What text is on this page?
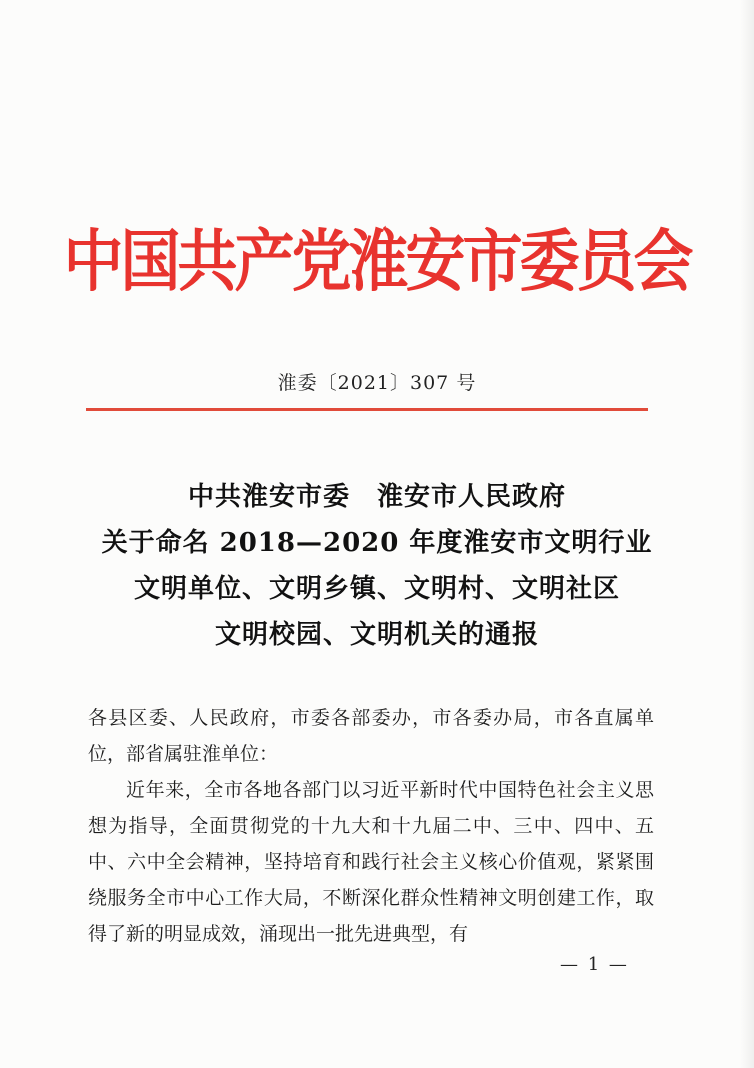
中国共产党淮安市委员会
淮委〔2021〕307 号
中共淮安市委　淮安市人民政府
关于命名 2018—2020 年度淮安市文明行业
文明单位、文明乡镇、文明村、文明社区
文明校园、文明机关的通报

各县区委、人民政府，市委各部委办，市各委办局，市各直属单位，部省属驻淮单位：

近年来，全市各地各部门以习近平新时代中国特色社会主义思想为指导，全面贯彻党的十九大和十九届二中、三中、四中、五中、六中全会精神，坚持培育和践行社会主义核心价值观，紧紧围绕服务全市中心工作大局，不断深化群众性精神文明创建工作，取得了新的明显成效，涌现出一批先进典型，有

— 1 —
